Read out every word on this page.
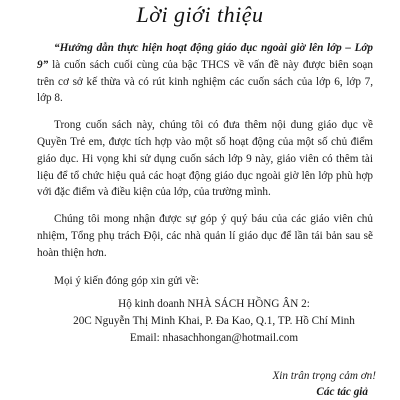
Lời giới thiệu

“Hướng dẫn thực hiện hoạt động giáo dục ngoài giờ lên lớp – Lớp 9” là cuốn sách cuối cùng của bậc THCS về vấn đề này được biên soạn trên cơ sở kế thừa và có rút kinh nghiệm các cuốn sách của lớp 6, lớp 7, lớp 8.

Trong cuốn sách này, chúng tôi có đưa thêm nội dung giáo dục về Quyền Trẻ em, được tích hợp vào một số hoạt động của một số chủ điểm giáo dục. Hi vọng khi sử dụng cuốn sách lớp 9 này, giáo viên có thêm tài liệu để tổ chức hiệu quả các hoạt động giáo dục ngoài giờ lên lớp phù hợp với đặc điểm và điều kiện của lớp, của trường mình.

Chúng tôi mong nhận được sự góp ý quý báu của các giáo viên chủ nhiệm, Tổng phụ trách Đội, các nhà quản lí giáo dục để lần tái bản sau sẽ hoàn thiện hơn.

Mọi ý kiến đóng góp xin gửi về:
Hộ kinh doanh NHÀ SÁCH HỒNG ÂN 2:
20C Nguyễn Thị Minh Khai, P. Đa Kao, Q.1, TP. Hồ Chí Minh
Email: nhasachhongan@hotmail.com
Xin trân trọng cảm ơn!
Các tác giả
